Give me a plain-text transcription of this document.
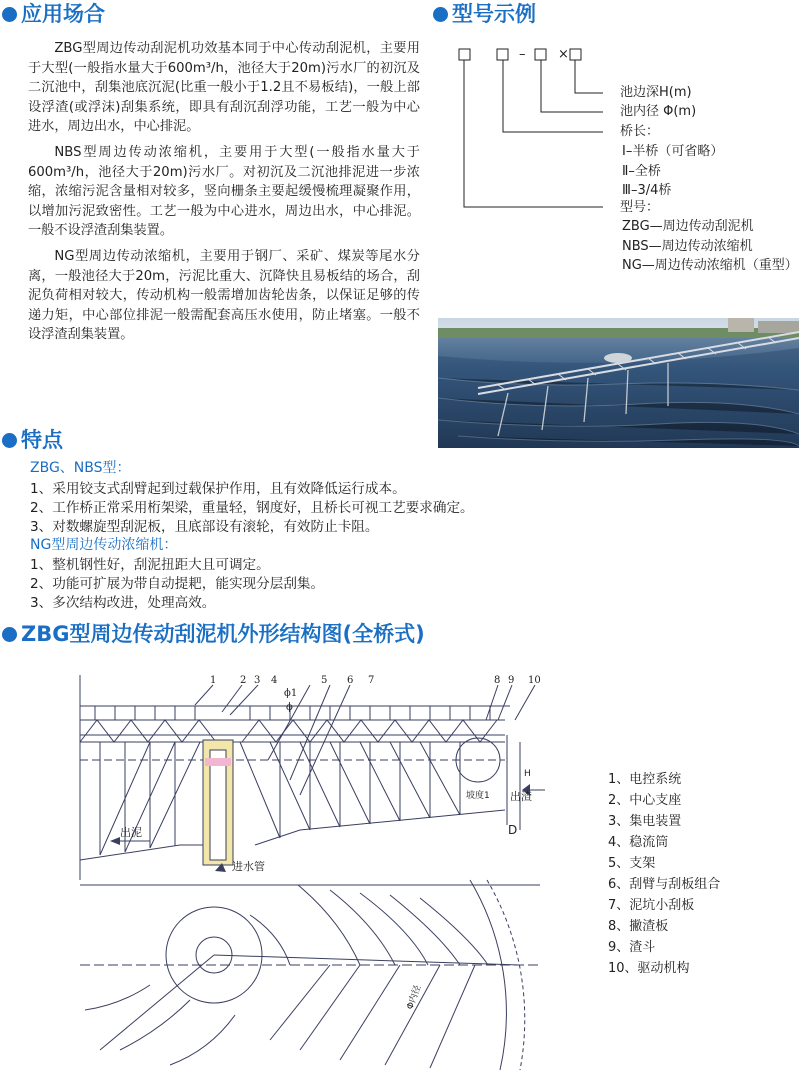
应用场合

ZBG型周边传动刮泥机功效基本同于中心传动刮泥机，主要用于大型(一般指水量大于600m³/h，池径大于20m)污水厂的初沉及二沉池中，刮集池底沉泥(比重一般小于1.2且不易板结)，一般上部设浮渣(或浮沫)刮集系统，即具有刮沉刮浮功能，工艺一般为中心进水，周边出水，中心排泥。

NBS型周边传动浓缩机，主要用于大型(一般指水量大于600m³/h，池径大于20m)污水厂。对初沉及二沉池排泥进一步浓缩，浓缩污泥含量相对较多，竖向栅条主要起缓慢梳理凝聚作用，以增加污泥致密性。工艺一般为中心进水，周边出水，中心排泥。 一般不设浮渣刮集装置。

NG型周边传动浓缩机，主要用于钢厂、采矿、煤炭等尾水分离，一般池径大于20m，污泥比重大、沉降快且易板结的场合，刮泥负荷相对较大，传动机构一般需增加齿轮齿条，以保证足够的传递力矩，中心部位排泥一般需配套高压水使用，防止堵塞。一般不设浮渣刮集装置。

型号示例
–	×
池边深H(m)
池内径 Φ(m)
桥长：
Ⅰ–半桥（可省略）
Ⅱ–全桥
Ⅲ–3/4桥
型号：
ZBG—周边传动刮泥机
NBS—周边传动浓缩机
NG—周边传动浓缩机（重型）
特点
ZBG、NBS型：
1、采用铰支式刮臂起到过载保护作用，且有效降低运行成本。
2、工作桥正常采用桁架梁，重量轻，钢度好，且桥长可视工艺要求确定。
3、对数螺旋型刮泥板，且底部设有滚轮，有效防止卡阻。
NG型周边传动浓缩机：
1、整机钢性好，刮泥扭距大且可调定。
2、功能可扩展为带自动提耙，能实现分层刮集。
3、多次结构改进，处理高效。
ZBG型周边传动刮泥机外形结构图(全桥式)
1 2 3 4	5 6 7	8 9 10
ϕ1
ϕ
出泥
进水管
出渣
坡度1
D
H
Φ内径
1、电控系统
2、中心支座
3、集电装置
4、稳流筒
5、支架
6、刮臂与刮板组合
7、泥坑小刮板
8、撇渣板
9、渣斗
10、驱动机构
